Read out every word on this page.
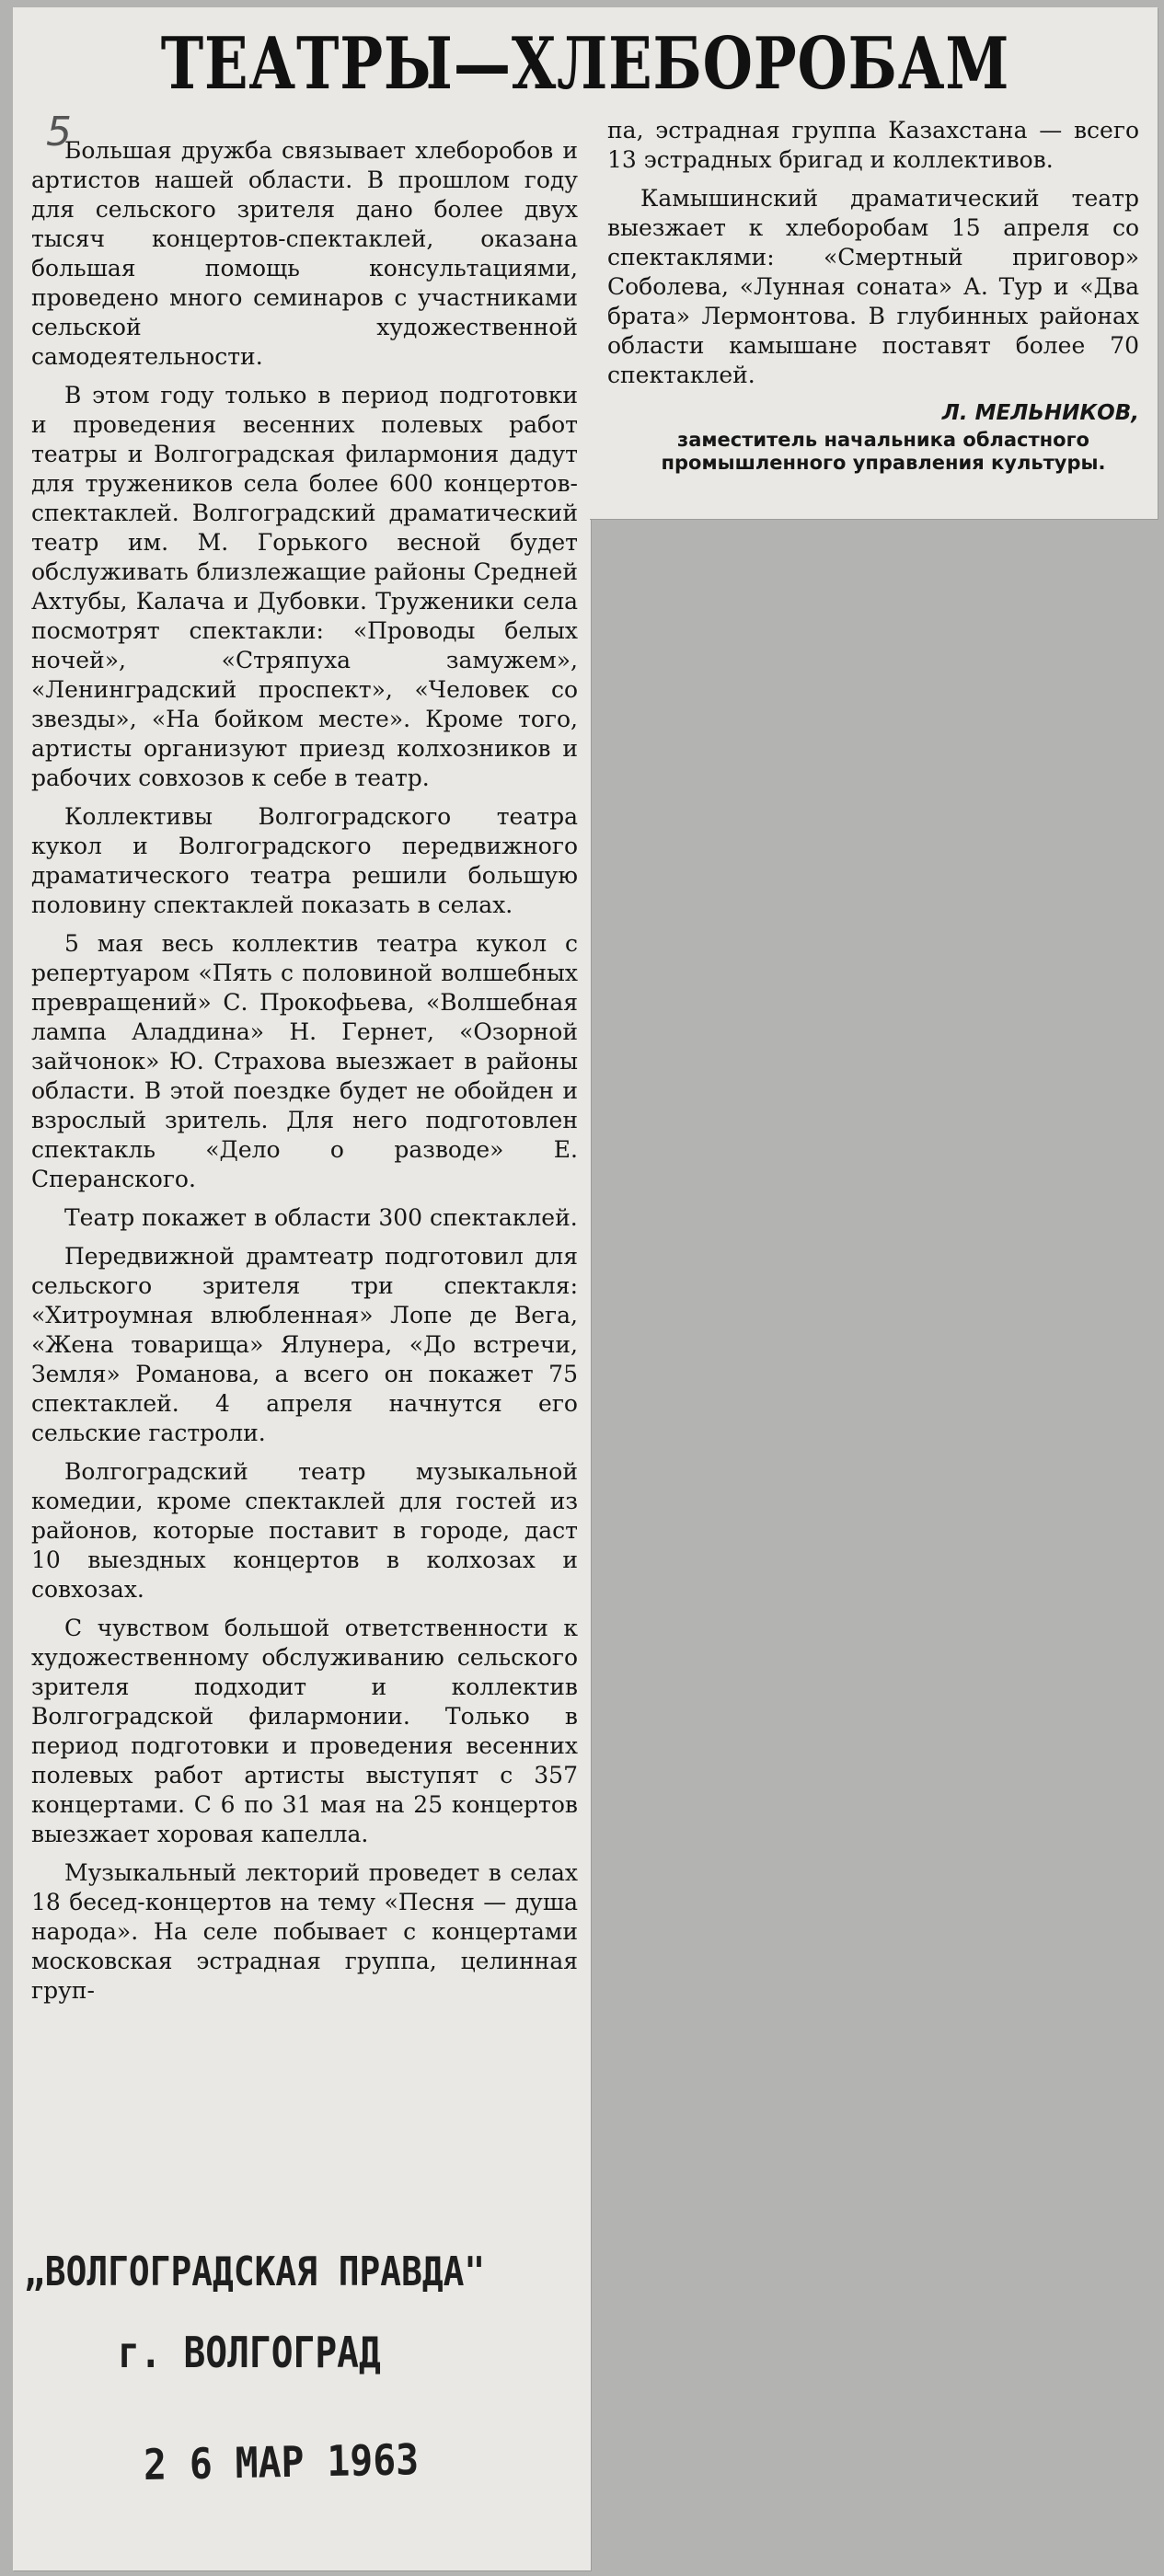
ТЕАТРЫ—ХЛЕБОРОБАМ

5

Большая дружба связывает хлеборобов и артистов нашей области. В прошлом году для сельского зрителя дано более двух тысяч концертов-спектаклей, оказана большая помощь консультациями, проведено много семинаров с участниками сельской художественной самодеятельности.

В этом году только в период подготовки и проведения весенних полевых работ театры и Волгоградская филармония дадут для тружеников села более 600 концертов-спектаклей. Волгоградский драматический театр им. М. Горького весной будет обслуживать близлежащие районы Средней Ахтубы, Калача и Дубовки. Труженики села посмотрят спектакли: «Проводы белых ночей», «Стряпуха замужем», «Ленинградский проспект», «Человек со звезды», «На бойком месте». Кроме того, артисты организуют приезд колхозников и рабочих совхозов к себе в театр.

Коллективы Волгоградского театра кукол и Волгоградского передвижного драматического театра решили большую половину спектаклей показать в селах.

5 мая весь коллектив театра кукол с репертуаром «Пять с половиной волшебных превращений» С. Прокофьева, «Волшебная лампа Аладдина» Н. Гернет, «Озорной зайчонок» Ю. Страхова выезжает в районы области. В этой поездке будет не обойден и взрослый зритель. Для него подготовлен спектакль «Дело о разводе» Е. Сперанского.

Театр покажет в области 300 спектаклей.

Передвижной драмтеатр подготовил для сельского зрителя три спектакля: «Хитроумная влюбленная» Лопе де Вега, «Жена товарища» Ялунера, «До встречи, Земля» Романова, а всего он покажет 75 спектаклей. 4 апреля начнутся его сельские гастроли.

Волгоградский театр музыкальной комедии, кроме спектаклей для гостей из районов, которые поставит в городе, даст 10 выездных концертов в колхозах и совхозах.

С чувством большой ответственности к художественному обслуживанию сельского зрителя подходит и коллектив Волгоградской филармонии. Только в период подготовки и проведения весенних полевых работ артисты выступят с 357 концертами. С 6 по 31 мая на 25 концертов выезжает хоровая капелла.

Музыкальный лекторий проведет в селах 18 бесед-концертов на тему «Песня — душа народа». На селе побывает с концертами московская эстрадная группа, целинная груп-

па, эстрадная группа Казахстана — всего 13 эстрадных бригад и коллективов.

Камышинский драматический театр выезжает к хлеборобам 15 апреля со спектаклями: «Смертный приговор» Соболева, «Лунная соната» А. Тур и «Два брата» Лермонтова. В глубинных районах области камышане поставят более 70 спектаклей.

Л. МЕЛЬНИКОВ,
заместитель начальника областного промышленного управления культуры.

„ВОЛГОГРАДСКАЯ ПРАВДА"

г. ВОЛГОГРАД

2 6 МАР 1963
